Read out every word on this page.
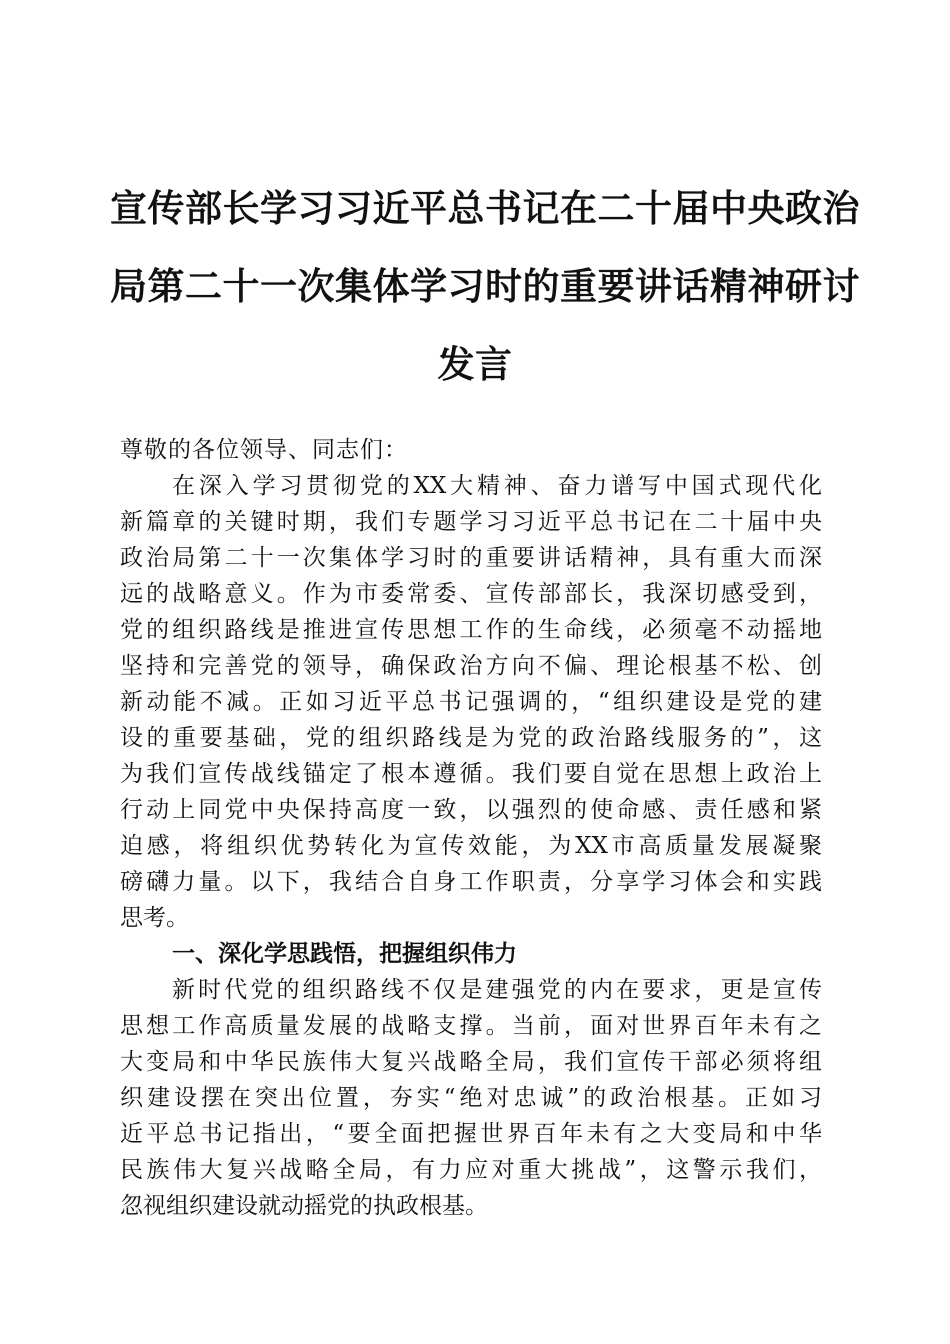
宣传部长学习习近平总书记在二十届中央政治
局第二十一次集体学习时的重要讲话精神研讨
发言
尊敬的各位领导、同志们：
在深入学习贯彻党的XX大精神、奋力谱写中国式现代化
新篇章的关键时期，我们专题学习习近平总书记在二十届中央
政治局第二十一次集体学习时的重要讲话精神，具有重大而深
远的战略意义。作为市委常委、宣传部部长，我深切感受到，
党的组织路线是推进宣传思想工作的生命线，必须毫不动摇地
坚持和完善党的领导，确保政治方向不偏、理论根基不松、创
新动能不减。正如习近平总书记强调的，“组织建设是党的建
设的重要基础，党的组织路线是为党的政治路线服务的”，这
为我们宣传战线锚定了根本遵循。我们要自觉在思想上政治上
行动上同党中央保持高度一致，以强烈的使命感、责任感和紧
迫感，将组织优势转化为宣传效能，为XX市高质量发展凝聚
磅礴力量。以下，我结合自身工作职责，分享学习体会和实践
思考。
一、深化学思践悟，把握组织伟力
新时代党的组织路线不仅是建强党的内在要求，更是宣传
思想工作高质量发展的战略支撑。当前，面对世界百年未有之
大变局和中华民族伟大复兴战略全局，我们宣传干部必须将组
织建设摆在突出位置，夯实“绝对忠诚”的政治根基。正如习
近平总书记指出，“要全面把握世界百年未有之大变局和中华
民族伟大复兴战略全局，有力应对重大挑战”，这警示我们，
忽视组织建设就动摇党的执政根基。
